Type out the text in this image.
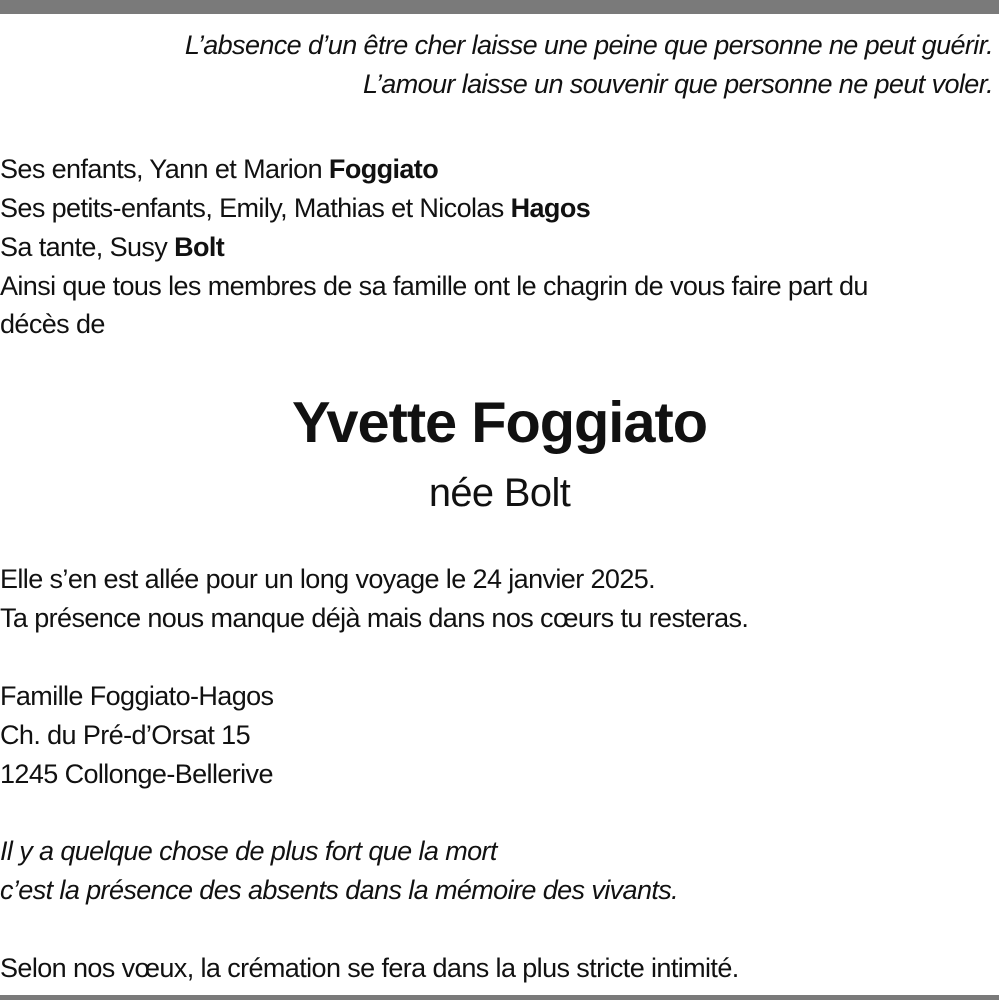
L’absence d’un être cher laisse une peine que personne ne peut guérir.
L’amour laisse un souvenir que personne ne peut voler.
Ses enfants, Yann et Marion Foggiato
Ses petits-enfants, Emily, Mathias et Nicolas Hagos
Sa tante, Susy Bolt
Ainsi que tous les membres de sa famille ont le chagrin de vous faire part du
décès de
Yvette Foggiato
née Bolt
Elle s’en est allée pour un long voyage le 24 janvier 2025.
Ta présence nous manque déjà mais dans nos cœurs tu resteras.
Famille Foggiato-Hagos
Ch. du Pré-d’Orsat 15
1245 Collonge-Bellerive
Il y a quelque chose de plus fort que la mort
c’est la présence des absents dans la mémoire des vivants.
Selon nos vœux, la crémation se fera dans la plus stricte intimité.
